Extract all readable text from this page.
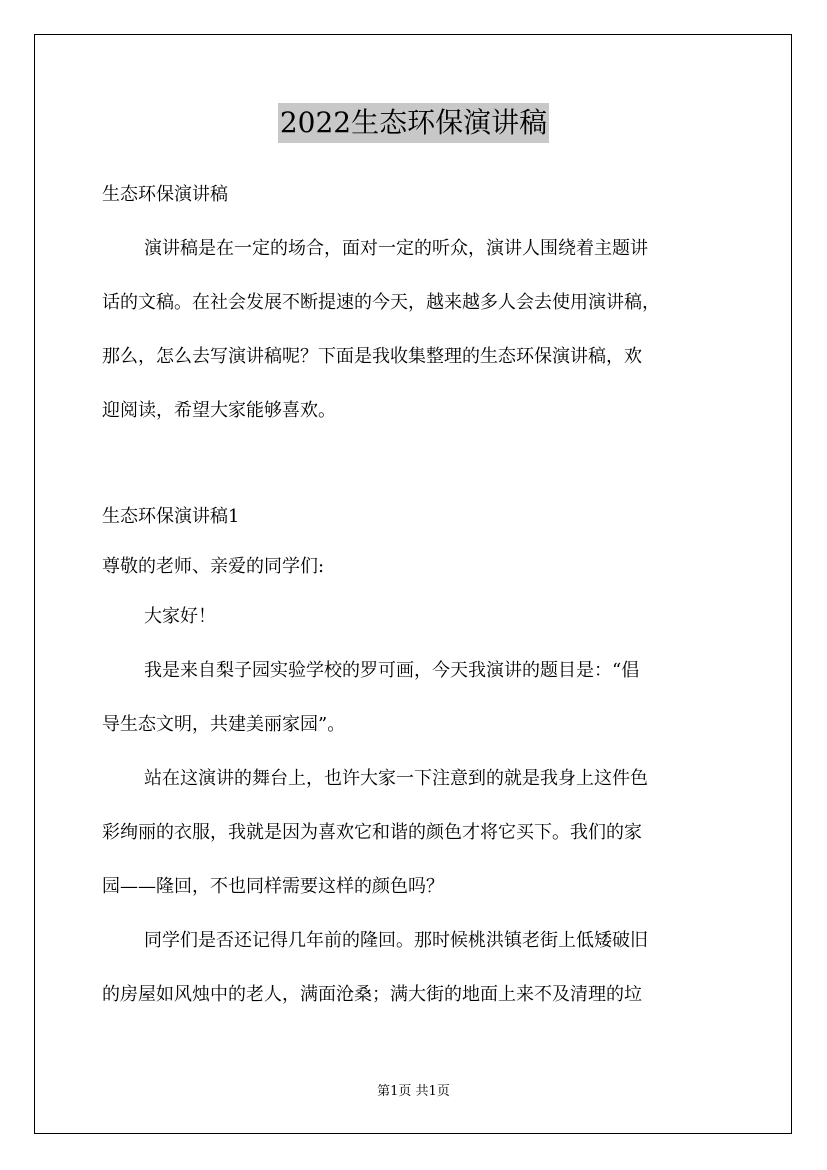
2022生态环保演讲稿
生态环保演讲稿
演讲稿是在一定的场合，面对一定的听众，演讲人围绕着主题讲
话的文稿。在社会发展不断提速的今天，越来越多人会去使用演讲稿，
那么，怎么去写演讲稿呢？下面是我收集整理的生态环保演讲稿，欢
迎阅读，希望大家能够喜欢。
生态环保演讲稿1
尊敬的老师、亲爱的同学们:
大家好！
我是来自梨子园实验学校的罗可画，今天我演讲的题目是：“倡
导生态文明，共建美丽家园”。
站在这演讲的舞台上，也许大家一下注意到的就是我身上这件色
彩绚丽的衣服，我就是因为喜欢它和谐的颜色才将它买下。我们的家
园——隆回，不也同样需要这样的颜色吗？
同学们是否还记得几年前的隆回。那时候桃洪镇老街上低矮破旧
的房屋如风烛中的老人，满面沧桑；满大街的地面上来不及清理的垃
第1页 共1页
